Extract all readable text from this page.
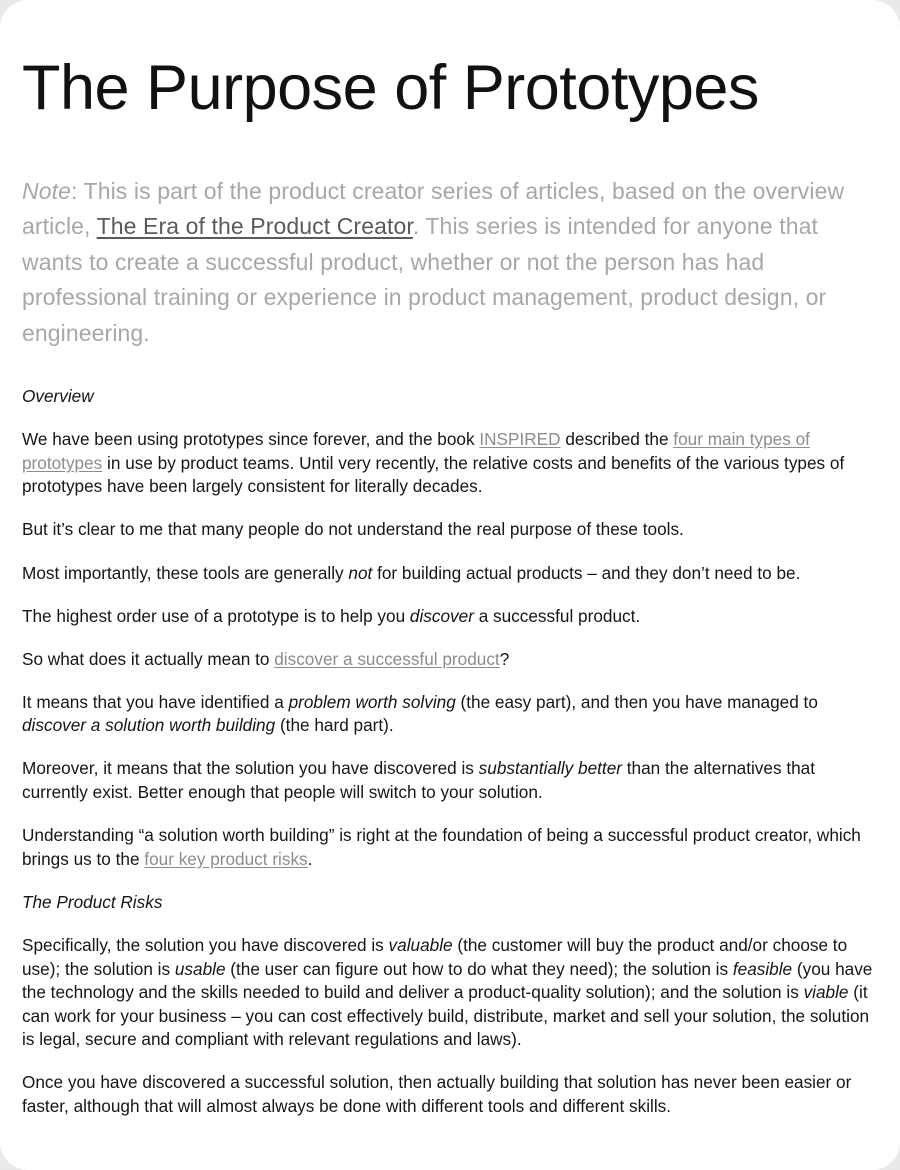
The Purpose of Prototypes

Note: This is part of the product creator series of articles, based on the overview article, The Era of the Product Creator. This series is intended for anyone that wants to create a successful product, whether or not the person has had professional training or experience in product management, product design, or engineering.

Overview

We have been using prototypes since forever, and the book INSPIRED described the four main types of prototypes in use by product teams. Until very recently, the relative costs and benefits of the various types of prototypes have been largely consistent for literally decades.

But it’s clear to me that many people do not understand the real purpose of these tools.

Most importantly, these tools are generally not for building actual products – and they don’t need to be.

The highest order use of a prototype is to help you discover a successful product.

So what does it actually mean to discover a successful product?

It means that you have identified a problem worth solving (the easy part), and then you have managed to discover a solution worth building (the hard part).

Moreover, it means that the solution you have discovered is substantially better than the alternatives that currently exist. Better enough that people will switch to your solution.

Understanding “a solution worth building” is right at the foundation of being a successful product creator, which brings us to the four key product risks.

The Product Risks

Specifically, the solution you have discovered is valuable (the customer will buy the product and/or choose to use); the solution is usable (the user can figure out how to do what they need); the solution is feasible (you have the technology and the skills needed to build and deliver a product-quality solution); and the solution is viable (it can work for your business – you can cost effectively build, distribute, market and sell your solution, the solution is legal, secure and compliant with relevant regulations and laws).

Once you have discovered a successful solution, then actually building that solution has never been easier or faster, although that will almost always be done with different tools and different skills.
